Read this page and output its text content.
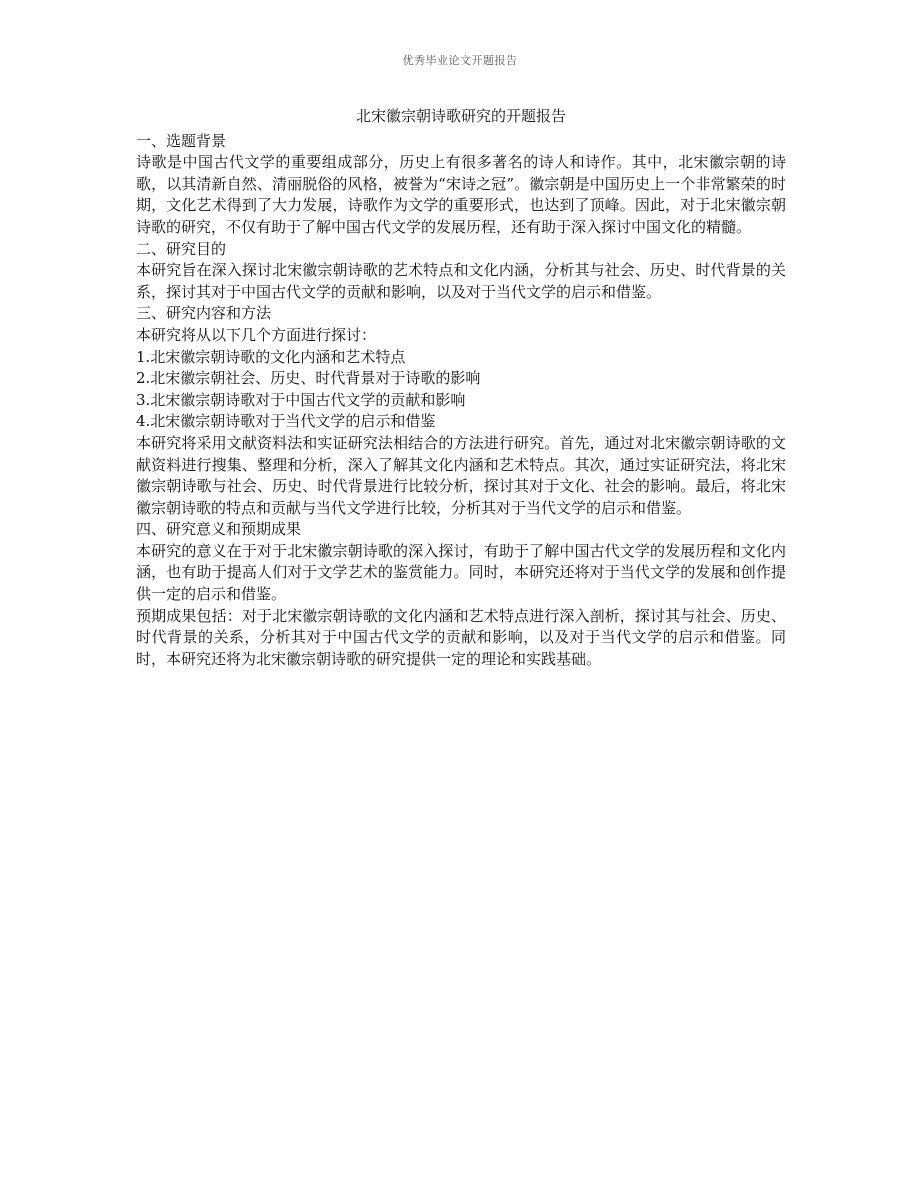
优秀毕业论文开题报告

北宋徽宗朝诗歌研究的开题报告

一、选题背景

诗歌是中国古代文学的重要组成部分，历史上有很多著名的诗人和诗作。其中，北宋徽宗朝的诗歌，以其清新自然、清丽脱俗的风格，被誉为“宋诗之冠”。徽宗朝是中国历史上一个非常繁荣的时期，文化艺术得到了大力发展，诗歌作为文学的重要形式，也达到了顶峰。因此，对于北宋徽宗朝诗歌的研究，不仅有助于了解中国古代文学的发展历程，还有助于深入探讨中国文化的精髓。

二、研究目的

本研究旨在深入探讨北宋徽宗朝诗歌的艺术特点和文化内涵，分析其与社会、历史、时代背景的关系，探讨其对于中国古代文学的贡献和影响，以及对于当代文学的启示和借鉴。

三、研究内容和方法

本研究将从以下几个方面进行探讨：

1.北宋徽宗朝诗歌的文化内涵和艺术特点

2.北宋徽宗朝社会、历史、时代背景对于诗歌的影响

3.北宋徽宗朝诗歌对于中国古代文学的贡献和影响

4.北宋徽宗朝诗歌对于当代文学的启示和借鉴

本研究将采用文献资料法和实证研究法相结合的方法进行研究。首先，通过对北宋徽宗朝诗歌的文献资料进行搜集、整理和分析，深入了解其文化内涵和艺术特点。其次，通过实证研究法，将北宋徽宗朝诗歌与社会、历史、时代背景进行比较分析，探讨其对于文化、社会的影响。最后，将北宋徽宗朝诗歌的特点和贡献与当代文学进行比较，分析其对于当代文学的启示和借鉴。

四、研究意义和预期成果

本研究的意义在于对于北宋徽宗朝诗歌的深入探讨，有助于了解中国古代文学的发展历程和文化内涵，也有助于提高人们对于文学艺术的鉴赏能力。同时，本研究还将对于当代文学的发展和创作提供一定的启示和借鉴。

预期成果包括：对于北宋徽宗朝诗歌的文化内涵和艺术特点进行深入剖析，探讨其与社会、历史、时代背景的关系，分析其对于中国古代文学的贡献和影响，以及对于当代文学的启示和借鉴。同时，本研究还将为北宋徽宗朝诗歌的研究提供一定的理论和实践基础。
